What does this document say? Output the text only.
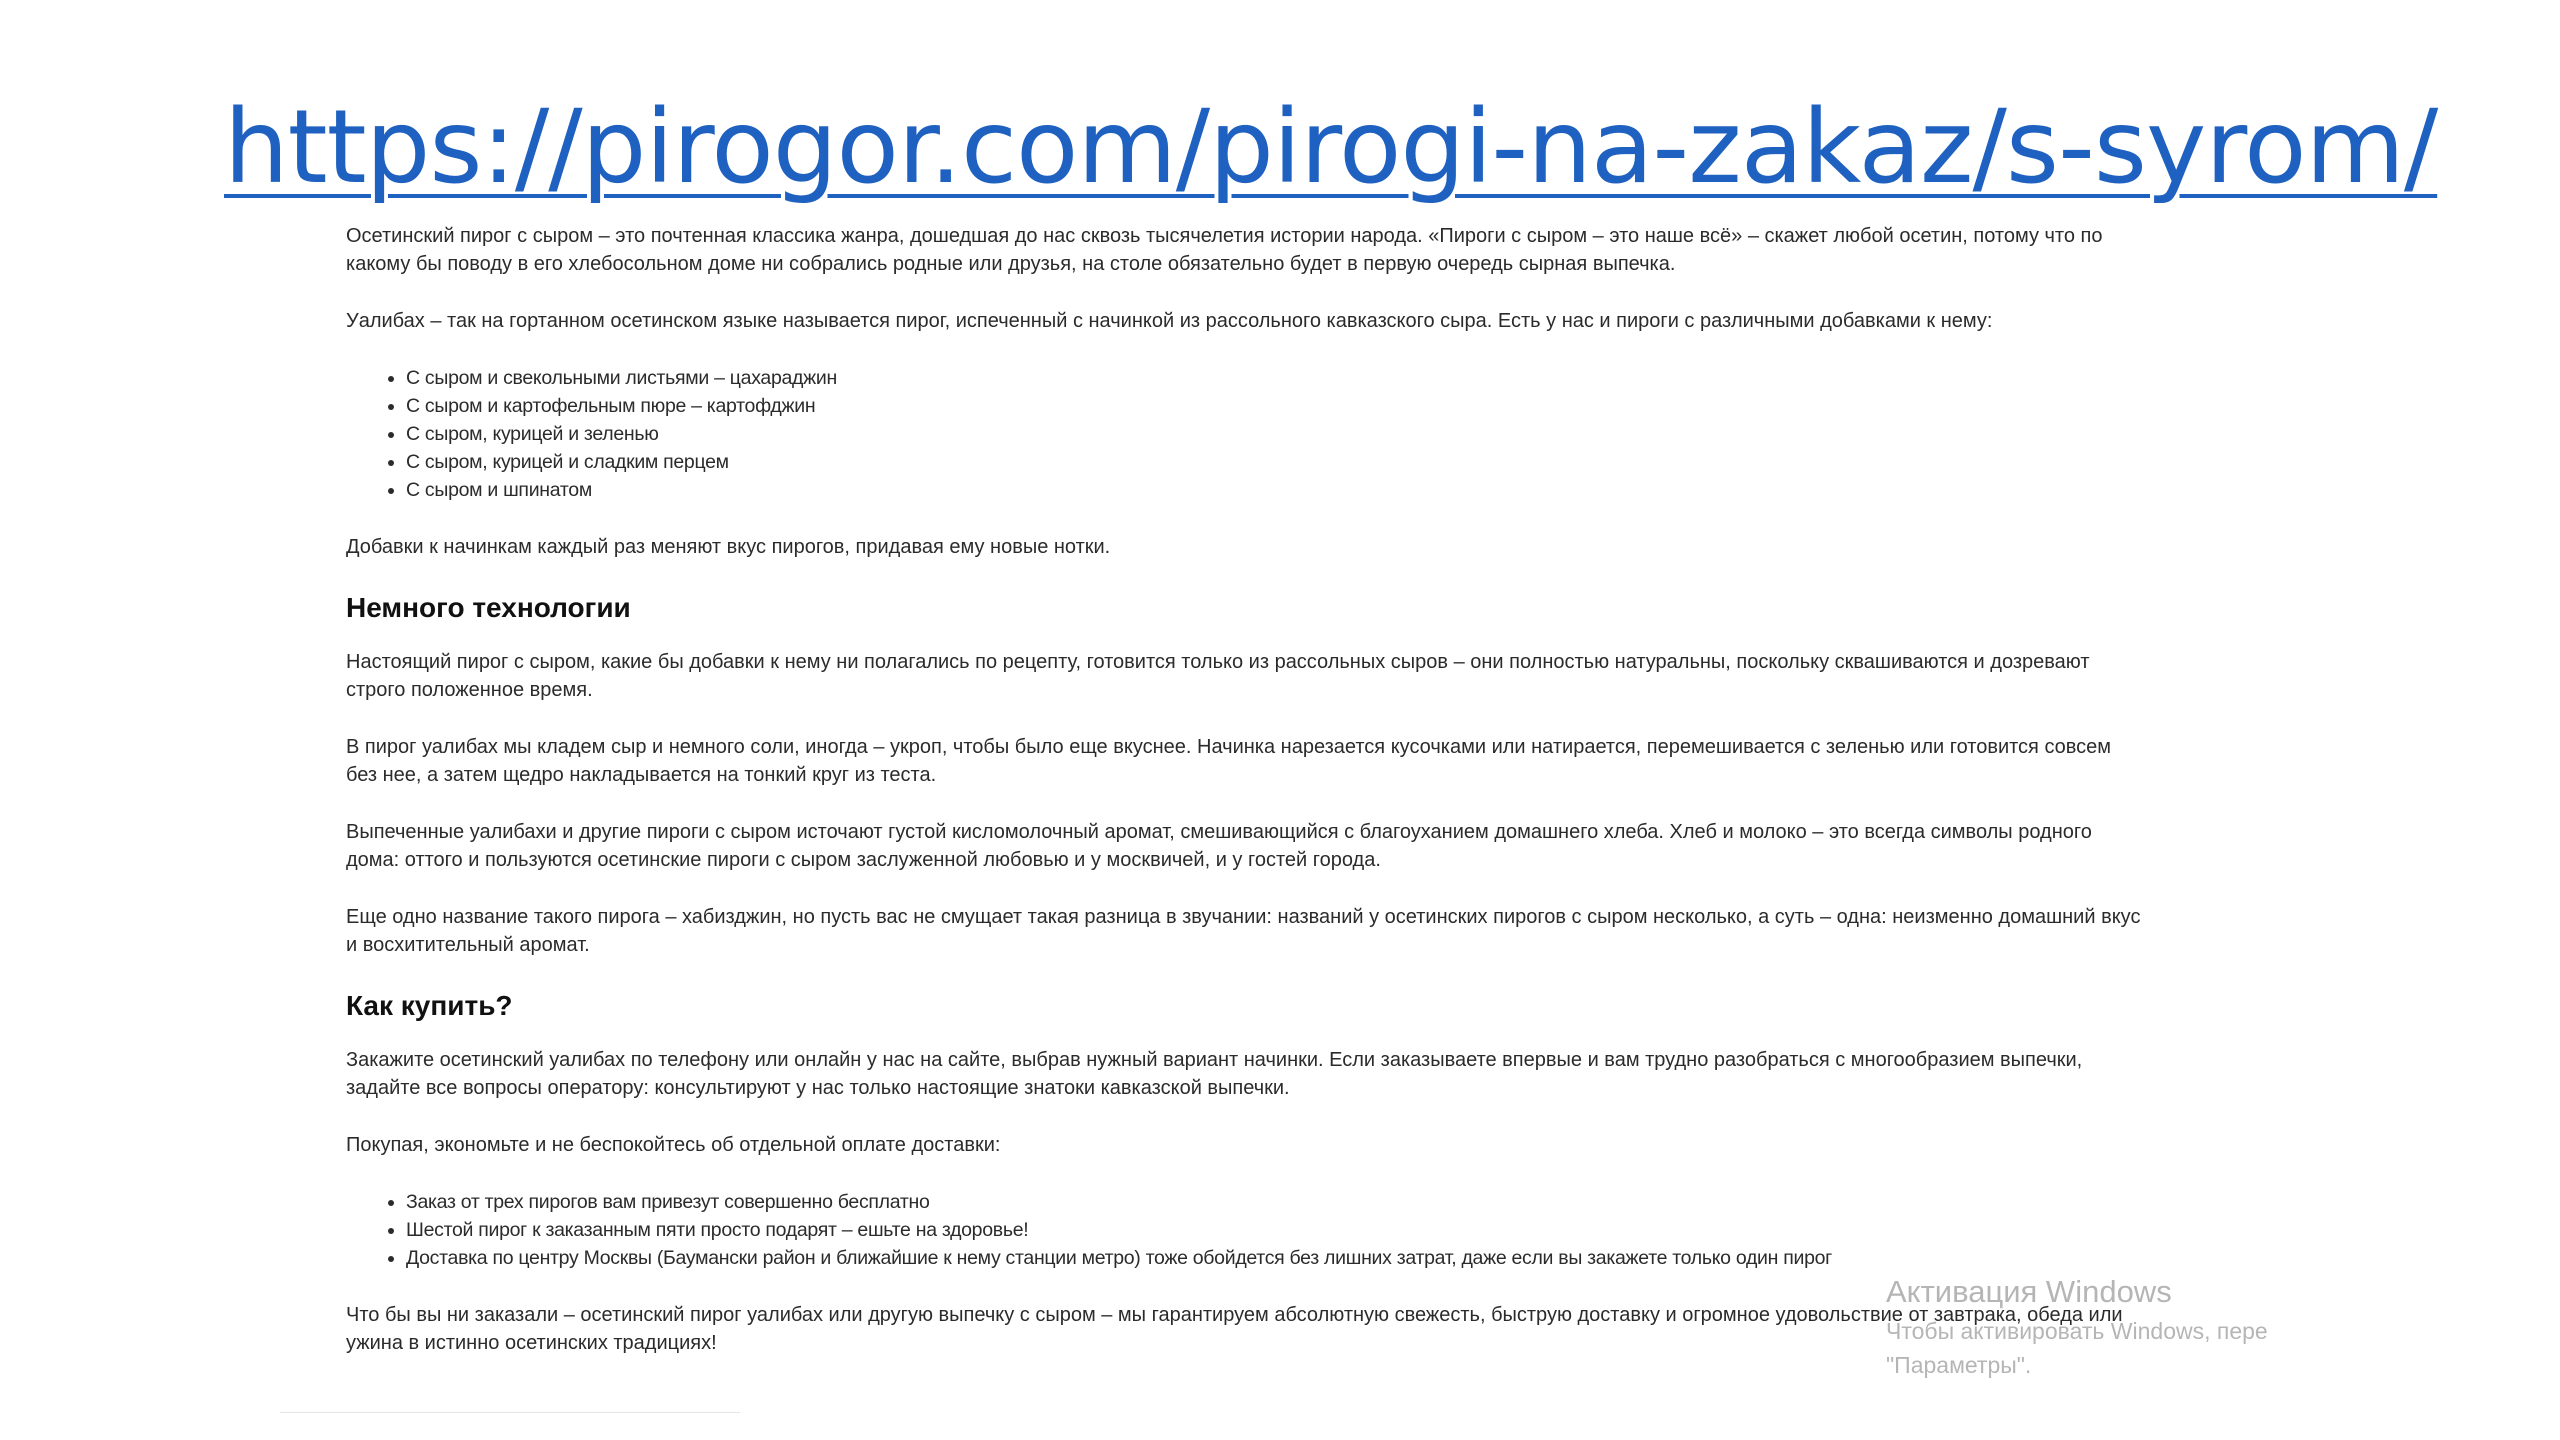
https://pirogor.com/pirogi-na-zakaz/s-syrom/

Осетинский пирог с сыром – это почтенная классика жанра, дошедшая до нас сквозь тысячелетия истории народа. «Пироги с сыром – это наше всё» – скажет любой осетин, потому что по какому бы поводу в его хлебосольном доме ни собрались родные или друзья, на столе обязательно будет в первую очередь сырная выпечка.

Уалибах – так на гортанном осетинском языке называется пирог, испеченный с начинкой из рассольного кавказского сыра. Есть у нас и пироги с различными добавками к нему:

• С сыром и свекольными листьями – цахараджин
• С сыром и картофельным пюре – картофджин
• С сыром, курицей и зеленью
• С сыром, курицей и сладким перцем
• С сыром и шпинатом

Добавки к начинкам каждый раз меняют вкус пирогов, придавая ему новые нотки.

Немного технологии

Настоящий пирог с сыром, какие бы добавки к нему ни полагались по рецепту, готовится только из рассольных сыров – они полностью натуральны, поскольку сквашиваются и дозревают строго положенное время.

В пирог уалибах мы кладем сыр и немного соли, иногда – укроп, чтобы было еще вкуснее. Начинка нарезается кусочками или натирается, перемешивается с зеленью или готовится совсем без нее, а затем щедро накладывается на тонкий круг из теста.

Выпеченные уалибахи и другие пироги с сыром источают густой кисломолочный аромат, смешивающийся с благоуханием домашнего хлеба. Хлеб и молоко – это всегда символы родного дома: оттого и пользуются осетинские пироги с сыром заслуженной любовью и у москвичей, и у гостей города.

Еще одно название такого пирога – хабизджин, но пусть вас не смущает такая разница в звучании: названий у осетинских пирогов с сыром несколько, а суть – одна: неизменно домашний вкус и восхитительный аромат.

Как купить?

Закажите осетинский уалибах по телефону или онлайн у нас на сайте, выбрав нужный вариант начинки. Если заказываете впервые и вам трудно разобраться с многообразием выпечки, задайте все вопросы оператору: консультируют у нас только настоящие знатоки кавказской выпечки.

Покупая, экономьте и не беспокойтесь об отдельной оплате доставки:

• Заказ от трех пирогов вам привезут совершенно бесплатно
• Шестой пирог к заказанным пяти просто подарят – ешьте на здоровье!
• Доставка по центру Москвы (Баумански район и ближайшие к нему станции метро) тоже обойдется без лишних затрат, даже если вы закажете только один пирог

Что бы вы ни заказали – осетинский пирог уалибах или другую выпечку с сыром – мы гарантируем абсолютную свежесть, быструю доставку и огромное удовольствие от завтрака, обеда или ужина в истинно осетинских традициях!

Активация Windows
Чтобы активировать Windows, пере
"Параметры".
